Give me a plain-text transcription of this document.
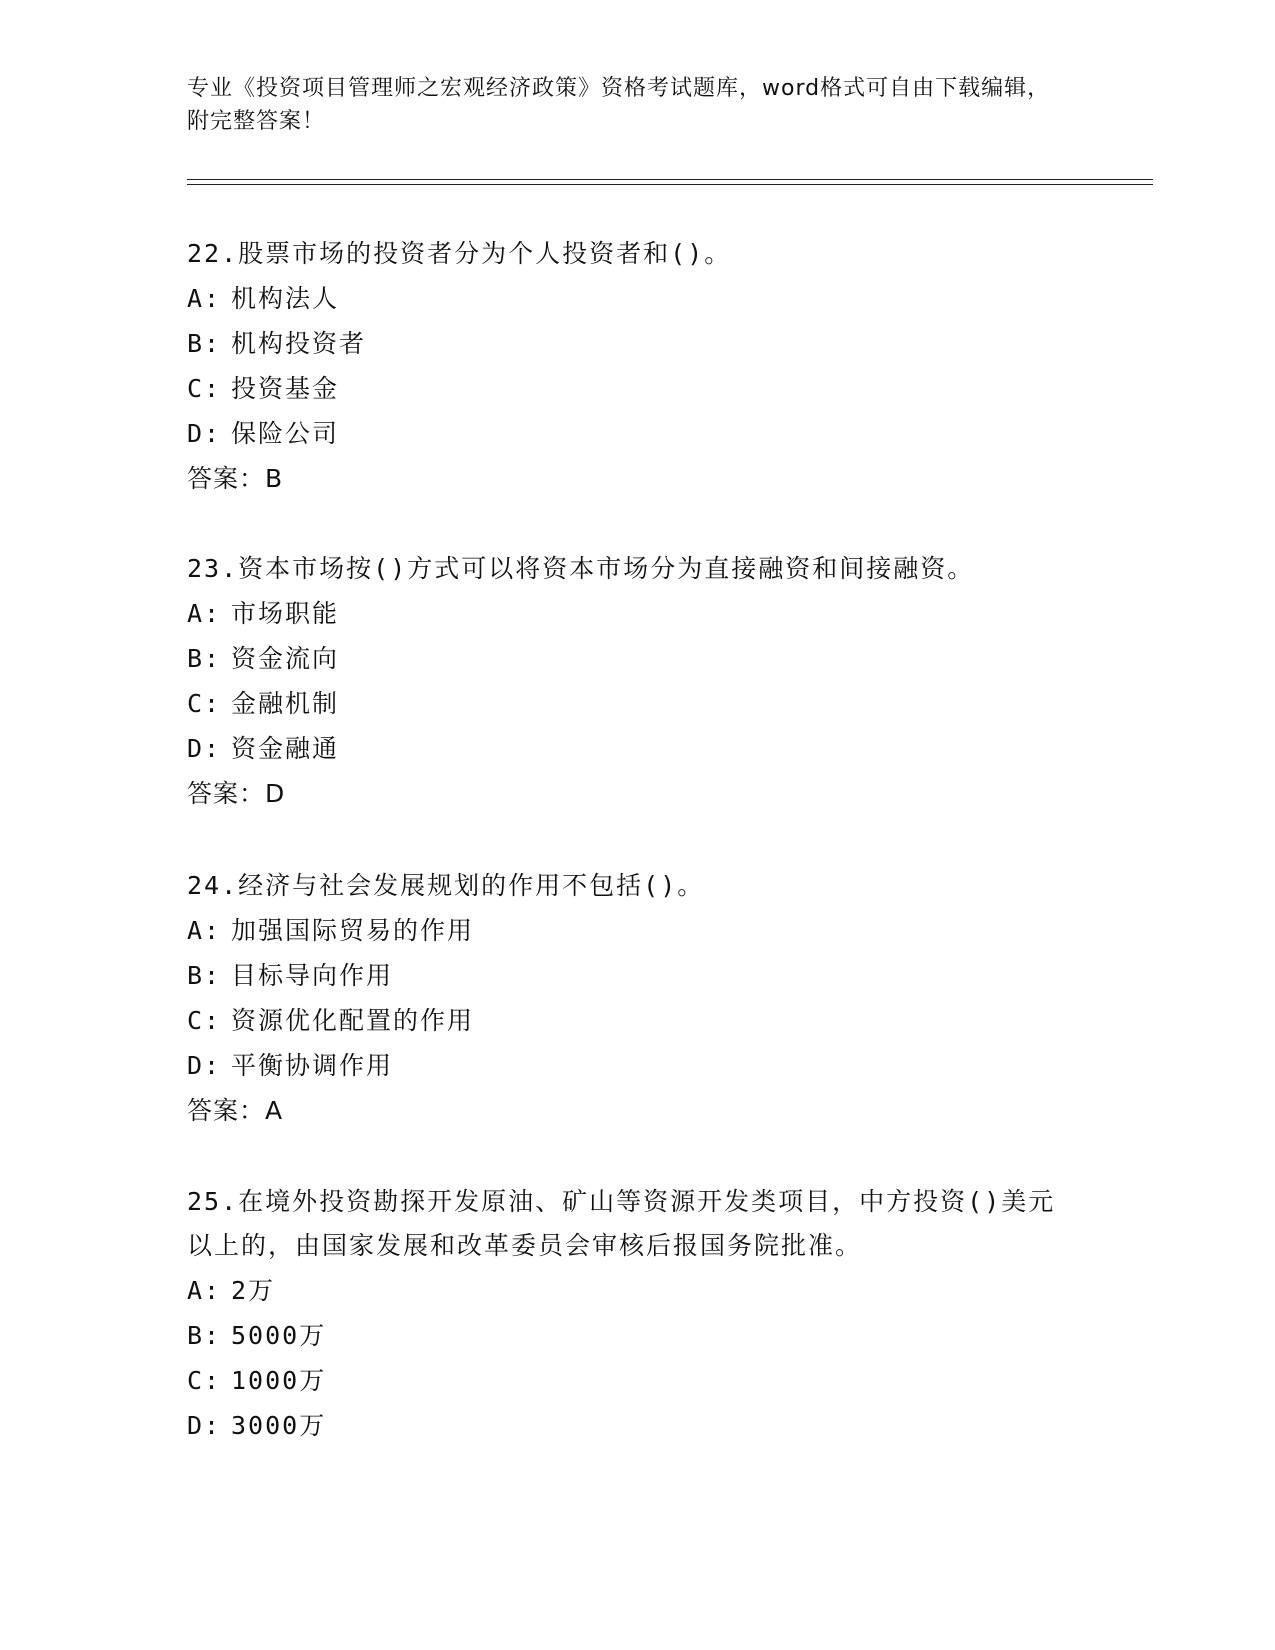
专业《投资项目管理师之宏观经济政策》资格考试题库，word格式可自由下载编辑，附完整答案！

22.股票市场的投资者分为个人投资者和()。

A: 机构法人

B: 机构投资者

C: 投资基金

D: 保险公司

答案：B

23.资本市场按()方式可以将资本市场分为直接融资和间接融资。

A: 市场职能

B: 资金流向

C: 金融机制

D: 资金融通

答案：D

24.经济与社会发展规划的作用不包括()。

A: 加强国际贸易的作用

B: 目标导向作用

C: 资源优化配置的作用

D: 平衡协调作用

答案：A

25.在境外投资勘探开发原油、矿山等资源开发类项目，中方投资()美元以上的，由国家发展和改革委员会审核后报国务院批准。

A: 2万

B: 5000万

C: 1000万

D: 3000万
